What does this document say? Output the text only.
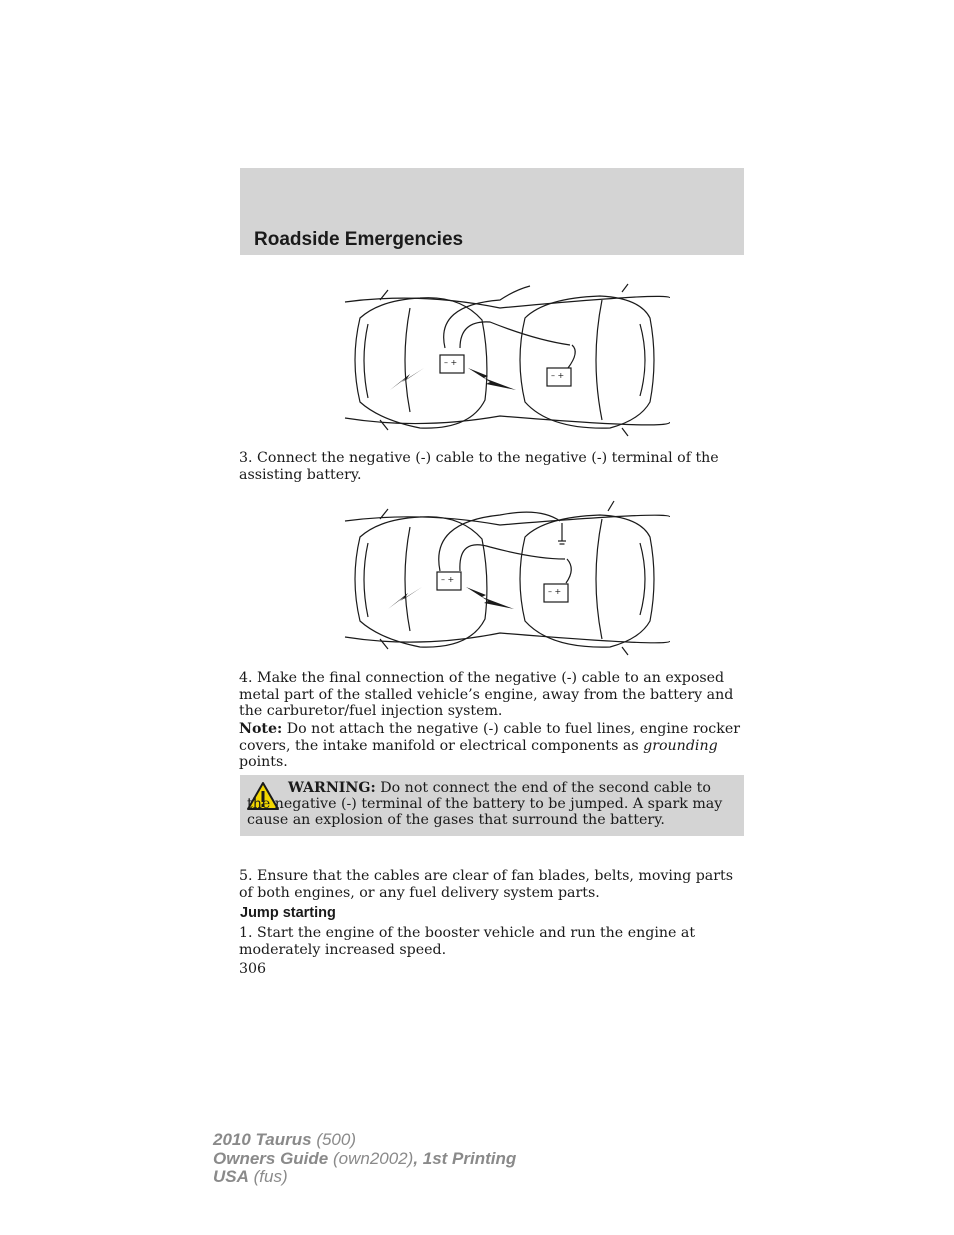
Roadside Emergencies
– +
– +

3. Connect the negative (-) cable to the negative (-) terminal of the assisting battery.

– +
– +

4. Make the final connection of the negative (-) cable to an exposed metal part of the stalled vehicle’s engine, away from the battery and the carburetor/fuel injection system.

Note: Do not attach the negative (-) cable to fuel lines, engine rocker covers, the intake manifold or electrical components as grounding points.

WARNING: Do not connect the end of the second cable to the negative (-) terminal of the battery to be jumped. A spark may cause an explosion of the gases that surround the battery.

5. Ensure that the cables are clear of fan blades, belts, moving parts of both engines, or any fuel delivery system parts.

Jump starting

1. Start the engine of the booster vehicle and run the engine at moderately increased speed.

306

2010 Taurus (500)
Owners Guide (own2002), 1st Printing
USA (fus)
